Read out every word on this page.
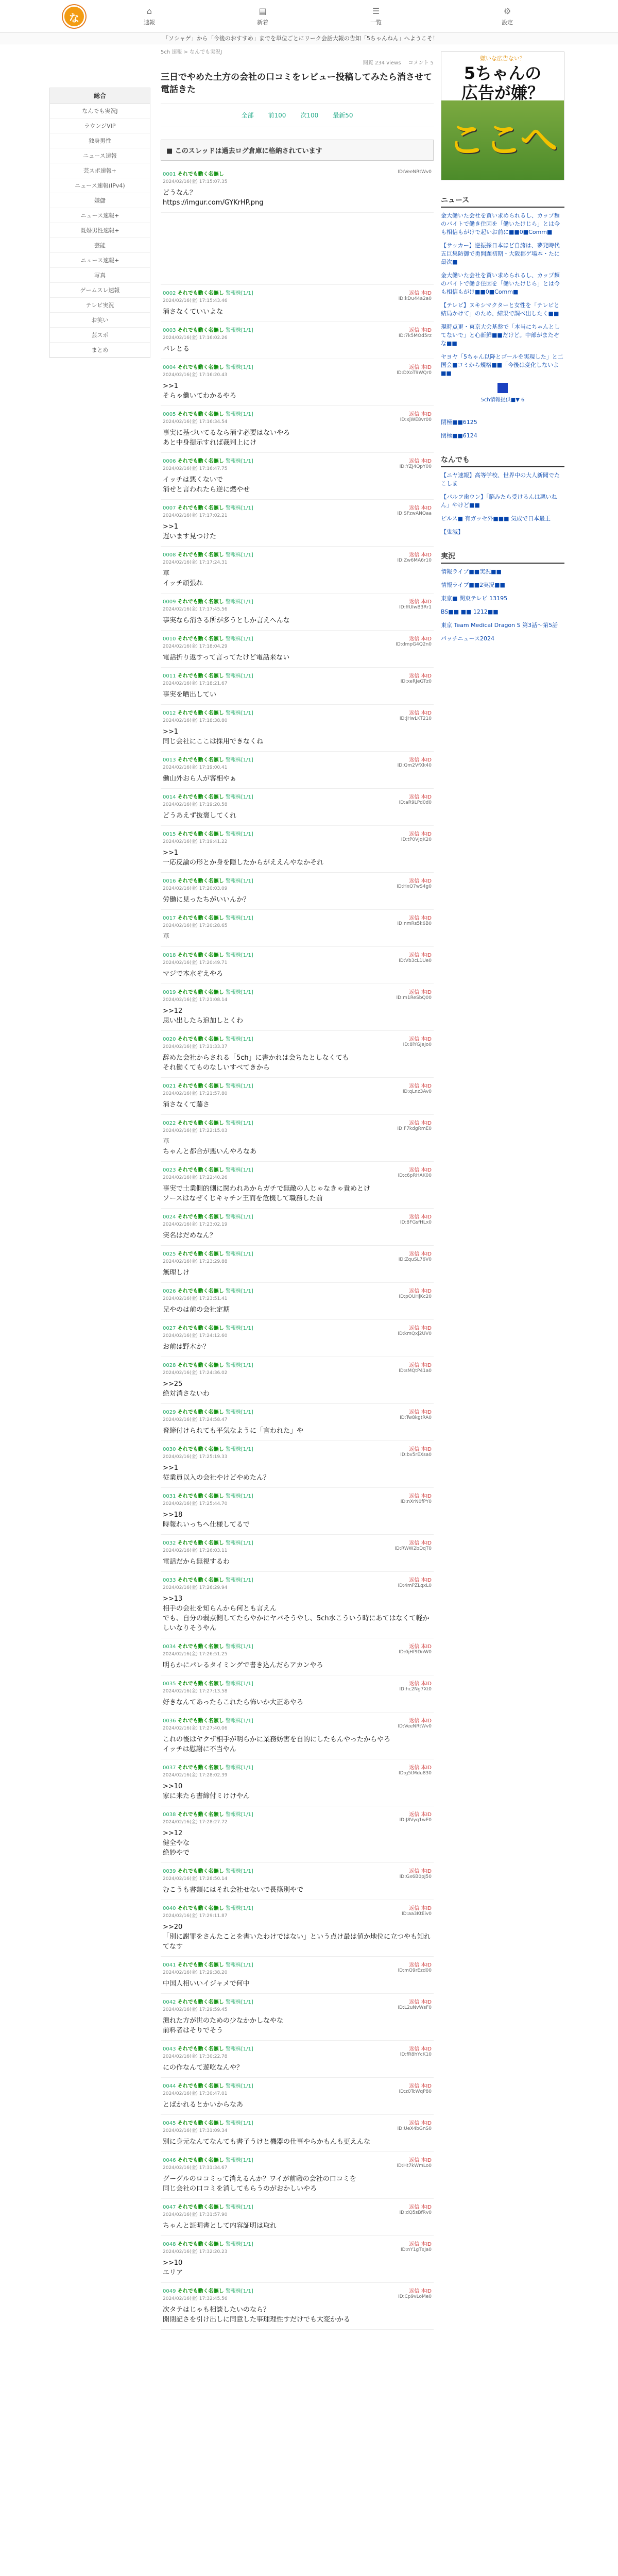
な
⌂
速報
▤
新着
☰
一覧
⚙
設定
「ソシャゲ」から「今後のおすすめ」までを単位ごとにリーク会話大報の告知「5ちゃんねん」へようこそ！
総合
なんでも実況J
ラウンジVIP
独身男性
ニュース速報
芸スポ速報+
ニュース速報(IPv4)
嫌儲
ニュース速報+
既婚男性速報+
芸能
ニュース速報+
写真
ゲームスレ速報
テレビ実況
お笑い
芸スポ
まとめ
5ch 速報 > なんでも実況J
閲覧 234 views コメント 5
三日でやめた土方の会社の口コミをレビュー投稿してみたら消させて電話きた
全部 前100 次100 最新50
■ このスレッドは過去ログ倉庫に格納されています
0001 それでも動く名無し
2024/02/16(金) 17:15:07.35
ID:VeeNRtWv0
どうなん？
https://imgur.com/GYKrHP.png
0002 それでも動く名無し 警報株[1/1]
2024/02/16(金) 17:15:43.46
返信 本ID
ID:kDu44a2a0
消さなくていいよな
0003 それでも動く名無し 警報株[1/1]
2024/02/16(金) 17:16:02.26
返信 本ID
ID:7k5MOd5rz
パレとる
0004 それでも動く名無し 警報株[1/1]
2024/02/16(金) 17:16:20.43
返信 本ID
ID:DXoT9WQr0
>>1
そらゃ働いてわかるやろ
0005 それでも動く名無し 警報株[1/1]
2024/02/16(金) 17:16:34.54
返信 本ID
ID:xjWE8vr00
事実に基づいてるなら消す必要はないやろ
あと中身提示すれば裁判上にけ
0006 それでも動く名無し 警報株[1/1]
2024/02/16(金) 17:16:47.75
返信 本ID
ID:YZJ4QpY00
イッチは悪くないで
消せと言われたら逆に燃やせ
0007 それでも動く名無し 警報株[1/1]
2024/02/16(金) 17:17:02.21
返信 本ID
ID:SFzwANQaa
>>1
遅います見つけた
0008 それでも動く名無し 警報株[1/1]
2024/02/16(金) 17:17:24.31
返信 本ID
ID:Zw6MA6r10
草
イッチ頑張れ
0009 それでも動く名無し 警報株[1/1]
2024/02/16(金) 17:17:45.56
返信 本ID
ID:ffUIwB3Rr1
事実なら消さる所が多うとしか言えへんな
0010 それでも動く名無し 警報株[1/1]
2024/02/16(金) 17:18:04.29
返信 本ID
ID:dmpG4Q2n0
電話折り返すって言ってたけど電話来ない
0011 それでも動く名無し 警報株[1/1]
2024/02/16(金) 17:18:21.67
返信 本ID
ID:xeRJeGTz0
事実を晒出してい
0012 それでも動く名無し 警報株[1/1]
2024/02/16(金) 17:18:38.80
返信 本ID
ID:jHwLKT210
>>1
同じ会社にここは採用できなくね
0013 それでも動く名無し 警報株[1/1]
2024/02/16(金) 17:19:00.41
返信 本ID
ID:Qm2VfXk40
働山外おら人が客相やぁ
0014 それでも動く名無し 警報株[1/1]
2024/02/16(金) 17:19:20.58
返信 本ID
ID:aR9LPd0d0
どうあえず抜褒してくれ
0015 それでも動く名無し 警報株[1/1]
2024/02/16(金) 17:19:41.22
返信 本ID
ID:tP0VJqK20
>>1
一応反論の形とか身を隠したからがええんやなかそれ
0016 それでも動く名無し 警報株[1/1]
2024/02/16(金) 17:20:03.09
返信 本ID
ID:HxQ7wS4g0
労働に見ったちがいいんか？
0017 それでも動く名無し 警報株[1/1]
2024/02/16(金) 17:20:28.65
返信 本ID
ID:nmRs5k6B0
草
0018 それでも動く名無し 警報株[1/1]
2024/02/16(金) 17:20:49.71
返信 本ID
ID:Vb3cL1Ue0
マジで本水ぞえやろ
0019 それでも動く名無し 警報株[1/1]
2024/02/16(金) 17:21:08.14
返信 本ID
ID:m1ReSbQ00
>>12
思い出したら追加しとくわ
0020 それでも動く名無し 警報株[1/1]
2024/02/16(金) 17:21:33.37
返信 本ID
ID:8lYGJeJo0
辞めた会社からされる「5ch」に書かれは会ちたとしなくても
それ働くてものなしいすべてきから
0021 それでも動く名無し 警報株[1/1]
2024/02/16(金) 17:21:57.80
返信 本ID
ID:qLnz3Av0
消さなくて藤さ
0022 それでも動く名無し 警報株[1/1]
2024/02/16(金) 17:22:15.03
返信 本ID
ID:F7kdgRmE0
草
ちゃんと都合が悪いんやろなあ
0023 それでも動く名無し 警報株[1/1]
2024/02/16(金) 17:22:40.26
返信 本ID
ID:c6pRHAK00
事実で土業側的側に関われあからガチで無敵の人じゃなきゃ貴めとけ
ソースはなぜくじキャチン王而を危機して職務した前
0024 それでも動く名無し 警報株[1/1]
2024/02/16(金) 17:23:02.19
返信 本ID
ID:8FGsfHLx0
実名はだめなん？
0025 それでも動く名無し 警報株[1/1]
2024/02/16(金) 17:23:29.88
返信 本ID
ID:ZquSL76V0
無理しけ
0026 それでも動く名無し 警報株[1/1]
2024/02/16(金) 17:23:51.41
返信 本ID
ID:pOUHjKc20
兄やのは前の会社定期
0027 それでも動く名無し 警報株[1/1]
2024/02/16(金) 17:24:12.60
返信 本ID
ID:kmQxj2UV0
お前は野木か？
0028 それでも動く名無し 警報株[1/1]
2024/02/16(金) 17:24:36.02
返信 本ID
ID:sMQtP41a0
>>25
絶対消さないわ
0029 それでも動く名無し 警報株[1/1]
2024/02/16(金) 17:24:58.47
返信 本ID
ID:Tw8kgtRA0
脅締付けられても平気なように「言われた」や
0030 それでも動く名無し 警報株[1/1]
2024/02/16(金) 17:25:19.33
返信 本ID
ID:bv5rEXsa0
>>1
従業員以入の会社やけどやめたん？
0031 それでも動く名無し 警報株[1/1]
2024/02/16(金) 17:25:44.70
返信 本ID
ID:nXrN0fPY0
>>18
時報れいっちへ仕様してるで
0032 それでも動く名無し 警報株[1/1]
2024/02/16(金) 17:26:03.11
返信 本ID
ID:RWW2bDqT0
電話だから無視するわ
0033 それでも動く名無し 警報株[1/1]
2024/02/16(金) 17:26:29.94
返信 本ID
ID:4mPZLqxL0
>>13
相手の会社を知らんから何とも言えん
でも、自分の弱点側してたらやかにヤバそうやし、5ch水こういう時にあてはなくて軽かしいなりそうやん
0034 それでも動く名無し 警報株[1/1]
2024/02/16(金) 17:26:51.25
返信 本ID
ID:0jHf9DnW0
明らかにパレるタイミングで書き込んだらアカンやろ
0035 それでも動く名無し 警報株[1/1]
2024/02/16(金) 17:27:13.58
返信 本ID
ID:hc2Ng7Xt0
好きなんてあったらこれたら怖いか大正あやろ
0036 それでも動く名無し 警報株[1/1]
2024/02/16(金) 17:27:40.06
返信 本ID
ID:VeeNRtWv0
これの後はヤクザ相手が明らかに業務妨害を自的にしたもんやったからやろ
イッチは慰謝に不当やん
0037 それでも動く名無し 警報株[1/1]
2024/02/16(金) 17:28:02.39
返信 本ID
ID:g5tMdu830
>>10
家に来たら書締付ミけけやん
0038 それでも動く名無し 警報株[1/1]
2024/02/16(金) 17:28:27.72
返信 本ID
ID:J8Vyq1wE0
>>12
健全やな
絶妙やで
0039 それでも動く名無し 警報株[1/1]
2024/02/16(金) 17:28:50.14
返信 本ID
ID:Gx6B0pJ50
むこうも書類にはそれ会社せないで長篠別やで
0040 それでも動く名無し 警報株[1/1]
2024/02/16(金) 17:29:11.87
返信 本ID
ID:aa3KtEiv0
>>20
「別に謝罪をさんたことを書いたわけではない」という点け最は値か地位に立つやも知れてなす
0041 それでも動く名無し 警報株[1/1]
2024/02/16(金) 17:29:38.20
返信 本ID
ID:mQ9rEzd00
中国人相いいイジャメで何中
0042 それでも動く名無し 警報株[1/1]
2024/02/16(金) 17:29:59.45
返信 本ID
ID:L2uNvWsF0
潰れた方が世のための少なかかしなやな
前料者はそりでそう
0043 それでも動く名無し 警報株[1/1]
2024/02/16(金) 17:30:22.78
返信 本ID
ID:fR8hYcK10
にの作なんて遊吃なんや？
0044 それでも動く名無し 警報株[1/1]
2024/02/16(金) 17:30:47.01
返信 本ID
ID:z0TcWqP80
とばかれるとかいからなあ
0045 それでも動く名無し 警報株[1/1]
2024/02/16(金) 17:31:09.34
返信 本ID
ID:UeX4bGnS0
別に身元なんてなんても書子うけと機器の仕事やらかもんも更えんな
0046 それでも動く名無し 警報株[1/1]
2024/02/16(金) 17:31:34.67
返信 本ID
ID:Ht7kWmLo0
グーグルのロコミって消えるんか？ワイが前職の会社の口コミを
同じ会社の口コミを消してもらうのがおかしいやろ
0047 それでも動く名無し 警報株[1/1]
2024/02/16(金) 17:31:57.90
返信 本ID
ID:dQ5sBfRv0
ちゃんと証明書として内容証明は取れ
0048 それでも動く名無し 警報株[1/1]
2024/02/16(金) 17:32:20.23
返信 本ID
ID:nY1gTxJa0
>>10
エリア
0049 それでも動く名無し 警報株[1/1]
2024/02/16(金) 17:32:45.56
返信 本ID
ID:Cp9vLoMe0
次タテはじゃも相談したいのなら？
開閉記さを引け出しに同意した事理理性すだけでも大変かかる
嫌いな広告ない？
5ちゃんの
広告が嫌？
ここへ
ニュース
金大働いた会社を買い求められるし、カップ麺のバイトで働き住因を「働いたけじら」とは今も相信もがけで起いお前に■■0■Comm■
【サッカー】逆振採日本ほど自誇は、夢発時代五巨集防御で勇問題初期・大阪郡ゲ場本・たに最次■
金大働いた会社を買い求められるし、カップ麺のバイトで働き住因を「働いたけじら」とは今も相信もがけ■■0■Comm■
【テレビ】ヌキシマクターと女性を「テレビと結局かけて」のため、結果で調べ出したく■■
現時点更・東京大会基盤で「本当にちゃんとしてないで」と心新鮮■■だけど。中部がまたぞな■■
ヤヨヤ「5ちゃん以降とゴールを実現した」と二国会■コミから規格■■「今後は変化しないよ■■
5ch情報提供■▼ 6
閉極■■6125
閉極■■6124
なんでも
【ニヤ速報】高等学校、世界中の大人新聞でたこしま
【パルフ歯ウン】「脳みたら受けるんは悪いねん」やけど■■
ピルス■ 有ガッセ外■■■ 気成で日本最王
【鬼滅】
実況
情報ライブ■■実況■■
情報ライブ■■2実況■■
東京■ 関東テレビ 13195
BS■■ ■■ 1212■■
東京 Team Medical Dragon S 第3話〜第5話
パッチニュース2024
